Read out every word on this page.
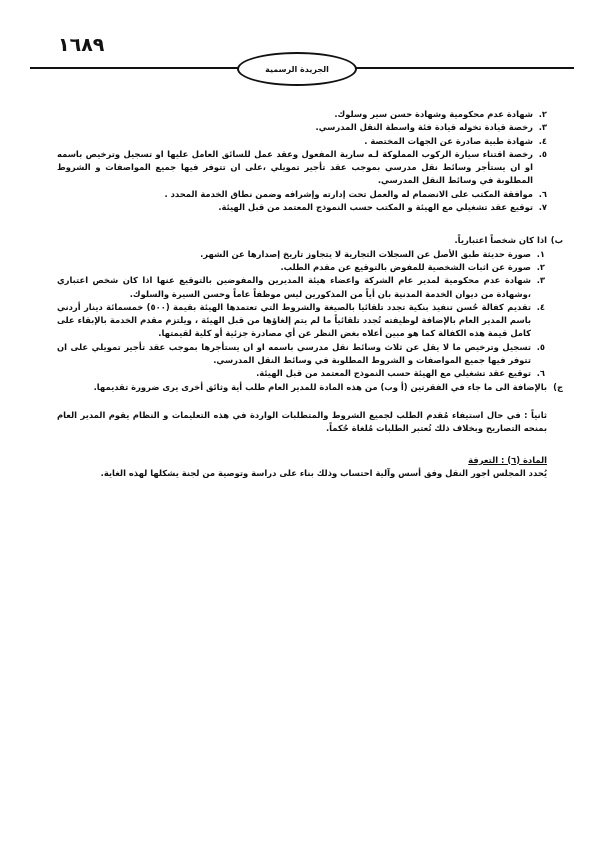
١٦٨٩
الجريدة الرسمية
٢.
شهادة عدم محكومية وشهادة حسن سير وسلوك.
٣.
رخصة قيادة تخوله قيادة فئة واسطة النقل المدرسي.
٤.
شهادة طبية صادرة عن الجهات المختصة .
٥.
رخصة اقتناء سيارة الركوب المملوكة لـه سارية المفعول وعقد عمل للسائق العامل عليها او تسجيل وترخيص باسمه او ان يستأجر وسائط نقل مدرسي بموجب عقد تأجير تمويلي ،على ان تتوفر فيها جميع المواصفات و الشروط المطلوبة في وسائط النقل المدرسي.
٦.
موافقة المكتب على الانضمام له والعمل تحت إدارته وإشرافه وضمن نطاق الخدمة المحدد .
٧.
توقيع عقد تشغيلي مع الهيئة و المكتب حسب النموذج المعتمد من قبل الهيئة.
ب)
اذا كان شخصاً اعتبارياً.
١.
صورة حديثة طبق الأصل عن السجلات التجارية لا يتجاوز تاريخ إصدارها عن الشهر.
٢.
صورة عن اثبات الشخصية للمفوض بالتوقيع عن مقدم الطلب.
٣.
شهادة عدم محكومية لمدير عام الشركة واعضاء هيئة المديرين والمفوضين بالتوقيع عنها اذا كان شخص اعتباري ،وشهادة من ديوان الخدمة المدنية بان أياً من المذكورين ليس موظفاً عاماً وحسن السيرة والسلوك.
٤.
تقديم كفالة حُسن تنفيذ بنكية تجدد تلقائيا بالصيغة والشروط التي تعتمدها الهيئة بقيمة (٥٠٠) خمسمائة دينار أردني باسم المدير العام بالإضافة لوظيفته تُجدد تلقائياً ما لم يتم إلغاؤها من قبل الهيئة ، ويلتزم مقدم الخدمة بالإبقاء على كامل قيمة هذه الكفالة كما هو مبين أعلاه بغض النظر عن أي مصادرة جزئية أو كلية لقيمتها.
٥.
تسجيل وترخيص ما لا يقل عن ثلاث وسائط نقل مدرسي باسمه او ان يستأجرها بموجب عقد تأجير تمويلي على ان تتوفر فيها جميع المواصفات و الشروط المطلوبة في وسائط النقل المدرسي.
٦.
توقيع عقد تشغيلي مع الهيئة حسب النموذج المعتمد من قبل الهيئة.
ج)
بالإضافة الى ما جاء في الفقرتين (أ وب) من هذه المادة للمدير العام طلب أية وثائق أخرى يرى ضرورة تقديمها.
ثانياً : في حال استيفاء مُقدم الطلب لجميع الشروط والمتطلبات الواردة في هذه التعليمات و النظام يقوم المدير العام بمنحه التصاريح وبخلاف ذلك تُعتبر الطلبات مُلغاة حُكماً.
المادة (٦) : التعرفة
يُحدد المجلس اجور النقل وفق أسس وآلية احتساب وذلك بناء على دراسة وتوصية من لجنة يشكلها لهذه الغاية.
